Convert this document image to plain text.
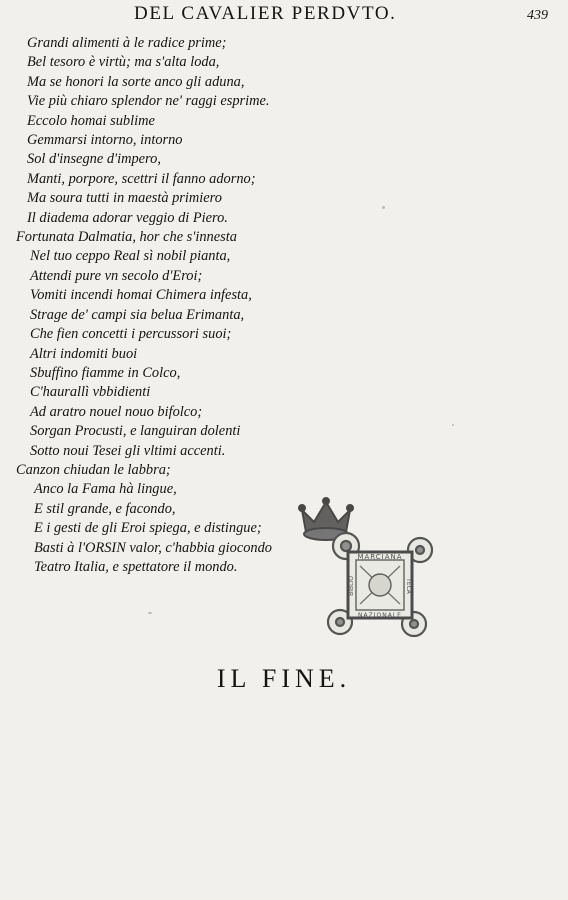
DEL CAVALIER PERDVTO.	439
Grandi alimenti à le radice prime;
Bel tesoro è virtù; ma s'alta loda,
Ma se honori la sorte anco gli aduna,
Vie più chiaro splendor ne' raggi esprime.
Eccolo homai sublime
Gemmarsi intorno, intorno
Sol d'insegne d'impero,
Manti, porpore, scettri il fanno adorno;
Ma soura tutti in maestà primiero
Il diadema adorar veggio di Piero.
Fortunata Dalmatia, hor che s'innesta
Nel tuo ceppo Real sì nobil pianta,
Attendi pure vn secolo d'Eroi;
Vomiti incendi homai Chimera infesta,
Strage de' campi sia belua Erimanta,
Che fien concetti i percussori suoi;
Altri indomiti buoi
Sbuffino fiamme in Colco,
C'haurallì vbbidienti
Ad aratro nouel nouo bifolco;
Sorgan Procusti, e languiran dolenti
Sotto noui Tesei gli vltimi accenti.
Canzon chiudan le labbra;
Anco la Fama hà lingue,
E stil grande, e facondo,
E i gesti de gli Eroi spiega, e distingue;
Basti à l'ORSIN valor, c'habbia giocondo
Teatro Italia, e spettatore il mondo.
MARCIANA
NAZIONALE
BIBLIO	TECA
IL FINE.
